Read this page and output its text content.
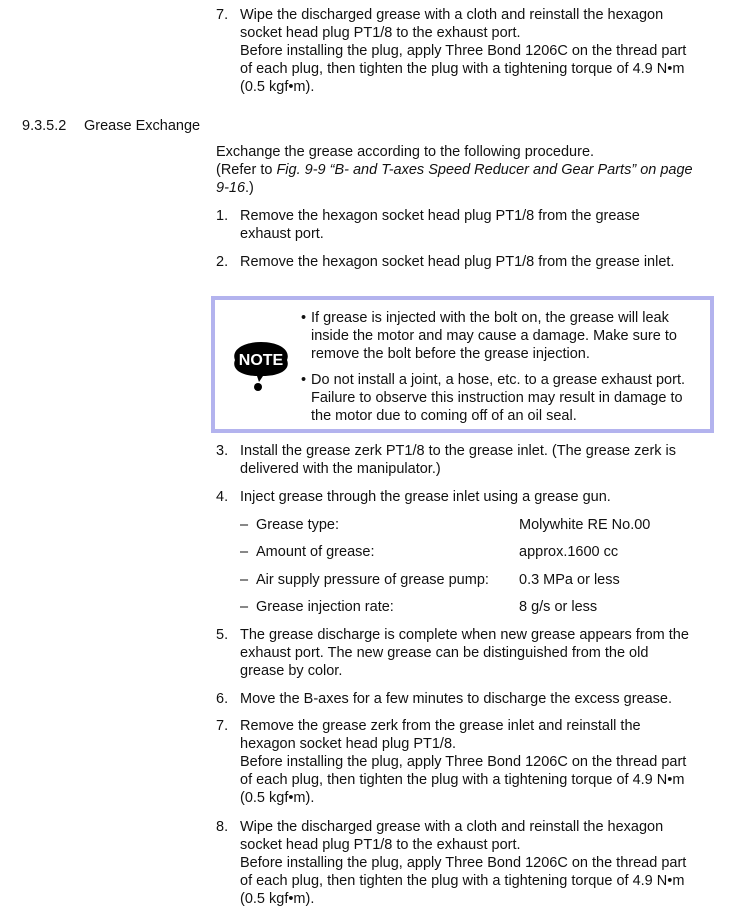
7. Wipe the discharged grease with a cloth and reinstall the hexagon
socket head plug PT1/8 to the exhaust port.
Before installing the plug, apply Three Bond 1206C on the thread part
of each plug, then tighten the plug with a tightening torque of 4.9 N•m
(0.5 kgf•m).
9.3.5.2 Grease Exchange
Exchange the grease according to the following procedure.
(Refer to Fig. 9-9 “B- and T-axes Speed Reducer and Gear Parts” on page
9-16.)
1. Remove the hexagon socket head plug PT1/8 from the grease
exhaust port.
2. Remove the hexagon socket head plug PT1/8 from the grease inlet.
NOTE
• If grease is injected with the bolt on, the grease will leak
inside the motor and may cause a damage. Make sure to
remove the bolt before the grease injection.
• Do not install a joint, a hose, etc. to a grease exhaust port.
Failure to observe this instruction may result in damage to
the motor due to coming off of an oil seal.
3. Install the grease zerk PT1/8 to the grease inlet. (The grease zerk is
delivered with the manipulator.)
4. Inject grease through the grease inlet using a grease gun.
– Grease type:	Molywhite RE No.00
– Amount of grease:	approx.1600 cc
– Air supply pressure of grease pump: 0.3 MPa or less
– Grease injection rate:	8 g/s or less
5. The grease discharge is complete when new grease appears from the
exhaust port. The new grease can be distinguished from the old
grease by color.
6. Move the B-axes for a few minutes to discharge the excess grease.
7. Remove the grease zerk from the grease inlet and reinstall the
hexagon socket head plug PT1/8.
Before installing the plug, apply Three Bond 1206C on the thread part
of each plug, then tighten the plug with a tightening torque of 4.9 N•m
(0.5 kgf•m).
8. Wipe the discharged grease with a cloth and reinstall the hexagon
socket head plug PT1/8 to the exhaust port.
Before installing the plug, apply Three Bond 1206C on the thread part
of each plug, then tighten the plug with a tightening torque of 4.9 N•m
(0.5 kgf•m).
